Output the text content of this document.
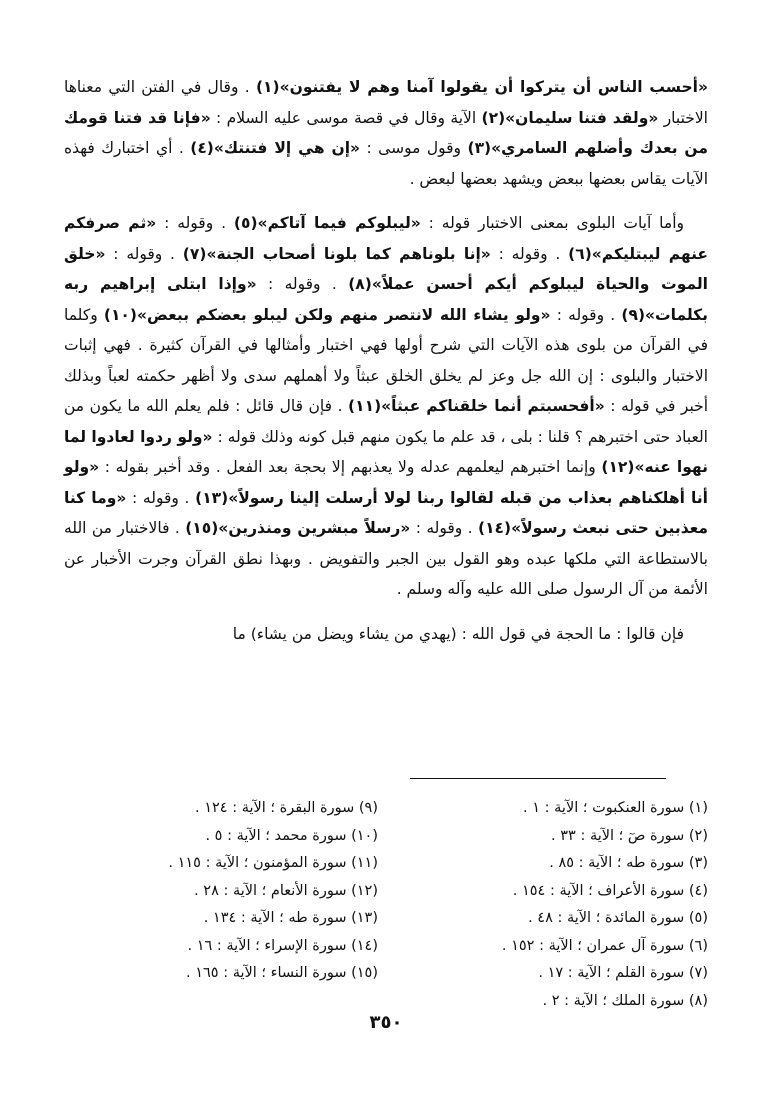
«أحسب الناس أن يتركوا أن يقولوا آمنا وهم لا يفتنون»(١) . وقال في الفتن التي معناها الاختبار «ولقد فتنا سليمان»(٢) الآية وقال في قصة موسى عليه السلام : «فإنا قد فتنا قومك من بعدك وأضلهم السامري»(٣) وقول موسى : «إن هي إلا فتنتك»(٤) . أي اختبارك فهذه الآيات يقاس بعضها ببعض ويشهد بعضها لبعض .

وأما آيات البلوى بمعنى الاختبار قوله : «ليبلوكم فيما آتاكم»(٥) . وقوله : «ثم صرفكم عنهم ليبتليكم»(٦) . وقوله : «إنا بلوناهم كما بلونا أصحاب الجنة»(٧) . وقوله : «خلق الموت والحياة ليبلوكم أيكم أحسن عملاً»(٨) . وقوله : «وإذا ابتلى إبراهيم ربه بكلمات»(٩) . وقوله : «ولو يشاء الله لانتصر منهم ولكن ليبلو بعضكم ببعض»(١٠) وكلما في القرآن من بلوى هذه الآيات التي شرح أولها فهي اختبار وأمثالها في القرآن كثيرة . فهي إثبات الاختبار والبلوى : إن الله جل وعز لم يخلق الخلق عبثاً ولا أهملهم سدى ولا أظهر حكمته لعباً وبذلك أخبر في قوله : «أفحسبتم أنما خلقناكم عبثاً»(١١) . فإن قال قائل : فلم يعلم الله ما يكون من العباد حتى اختبرهم ؟ قلنا : بلى ، قد علم ما يكون منهم قبل كونه وذلك قوله : «ولو ردوا لعادوا لما نهوا عنه»(١٢) وإنما اختبرهم ليعلمهم عدله ولا يعذبهم إلا بحجة بعد الفعل . وقد أخبر بقوله : «ولو أنا أهلكناهم بعذاب من قبله لقالوا ربنا لولا أرسلت إلينا رسولاً»(١٣) . وقوله : «وما كنا معذبين حتى نبعث رسولاً»(١٤) . وقوله : «رسلاً مبشرين ومنذرين»(١٥) . فالاختبار من الله بالاستطاعة التي ملكها عبده وهو القول بين الجبر والتفويض . وبهذا نطق القرآن وجرت الأخبار عن الأئمة من آل الرسول صلى الله عليه وآله وسلم .

فإن قالوا : ما الحجة في قول الله : (يهدي من يشاء ويضل من يشاء) ما

(١) سورة العنكبوت ؛ الآية : ١ .
(٢) سورة صٓ ؛ الآية : ٣٣ .
(٣) سورة طه ؛ الآية : ٨٥ .
(٤) سورة الأعراف ؛ الآية : ١٥٤ .
(٥) سورة المائدة ؛ الآية : ٤٨ .
(٦) سورة آل عمران ؛ الآية : ١٥٢ .
(٧) سورة القلم ؛ الآية : ١٧ .
(٨) سورة الملك ؛ الآية : ٢ .
(٩) سورة البقرة ؛ الآية : ١٢٤ .
(١٠) سورة محمد ؛ الآية : ٥ .
(١١) سورة المؤمنون ؛ الآية : ١١٥ .
(١٢) سورة الأنعام ؛ الآية : ٢٨ .
(١٣) سورة طه ؛ الآية : ١٣٤ .
(١٤) سورة الإسراء ؛ الآية : ١٦ .
(١٥) سورة النساء ؛ الآية : ١٦٥ .
٣٥٠
